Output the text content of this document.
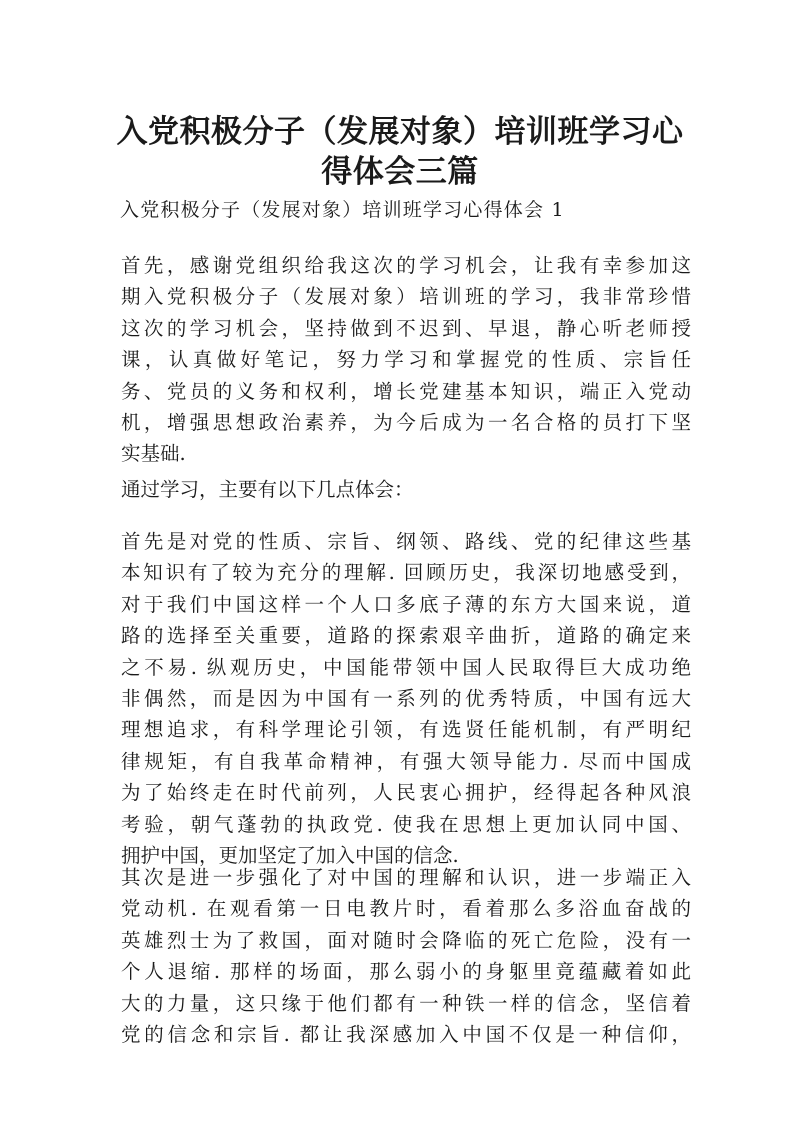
入党积极分子（发展对象）培训班学习心
得体会三篇

入党积极分子（发展对象）培训班学习心得体会 1

首先，感谢党组织给我这次的学习机会，让我有幸参加这
期入党积极分子（发展对象）培训班的学习，我非常珍惜
这次的学习机会，坚持做到不迟到、早退，静心听老师授
课，认真做好笔记，努力学习和掌握党的性质、宗旨任
务、党员的义务和权利，增长党建基本知识，端正入党动
机，增强思想政治素养，为今后成为一名合格的员打下坚
实基础.
通过学习，主要有以下几点体会：
首先是对党的性质、宗旨、纲领、路线、党的纪律这些基
本知识有了较为充分的理解. 回顾历史，我深切地感受到，
对于我们中国这样一个人口多底子薄的东方大国来说，道
路的选择至关重要，道路的探索艰辛曲折，道路的确定来
之不易. 纵观历史，中国能带领中国人民取得巨大成功绝
非偶然，而是因为中国有一系列的优秀特质，中国有远大
理想追求，有科学理论引领，有选贤任能机制，有严明纪
律规矩，有自我革命精神，有强大领导能力. 尽而中国成
为了始终走在时代前列，人民衷心拥护，经得起各种风浪
考验，朝气蓬勃的执政党. 使我在思想上更加认同中国、
拥护中国，更加坚定了加入中国的信念.
其次是进一步强化了对中国的理解和认识，进一步端正入
党动机. 在观看第一日电教片时，看着那么多浴血奋战的
英雄烈士为了救国，面对随时会降临的死亡危险，没有一
个人退缩. 那样的场面，那么弱小的身躯里竟蕴藏着如此
大的力量，这只缘于他们都有一种铁一样的信念，坚信着
党的信念和宗旨. 都让我深感加入中国不仅是一种信仰，
